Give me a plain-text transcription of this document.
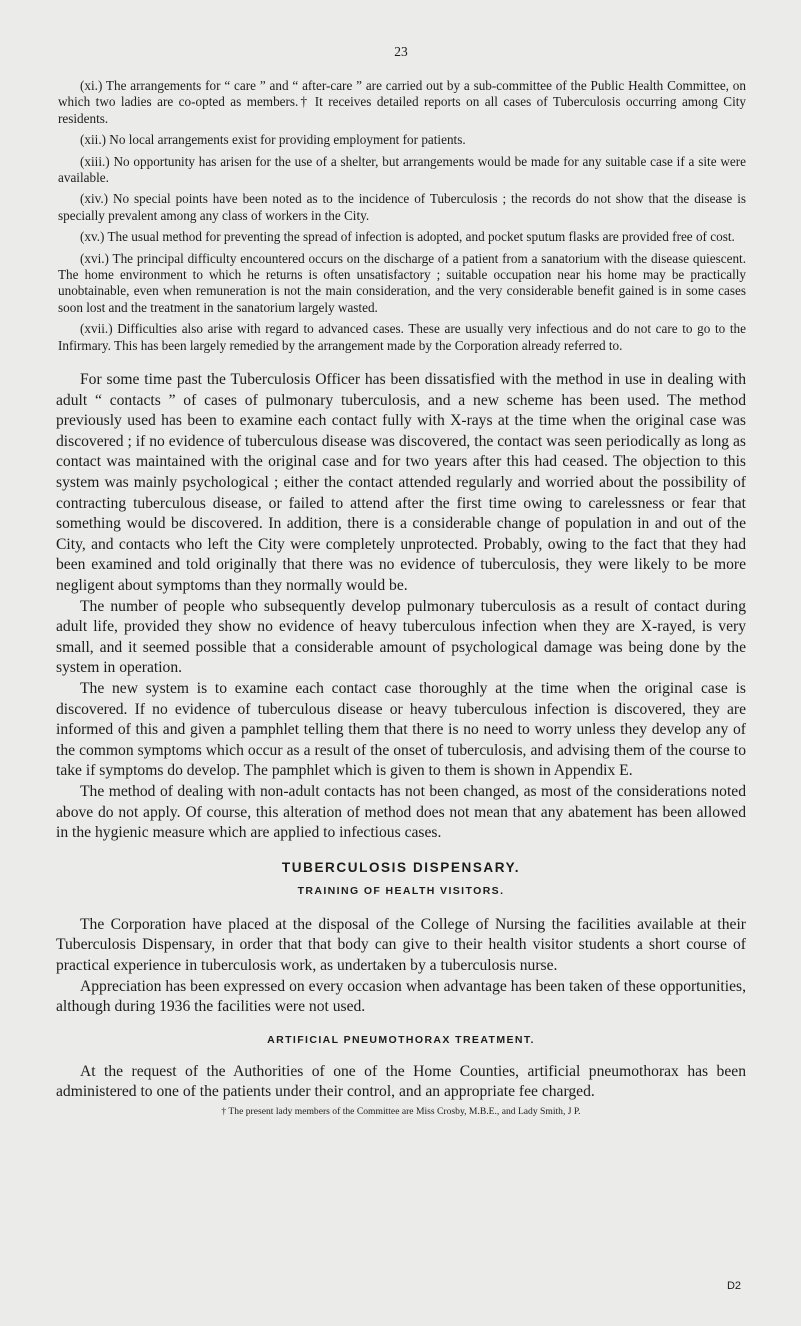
23

(xi.) The arrangements for “ care ” and “ after-care ” are carried out by a sub-committee of the Public Health Committee, on which two ladies are co-opted as members.† It receives detailed reports on all cases of Tuberculosis occurring among City residents.

(xii.) No local arrangements exist for providing employment for patients.

(xiii.) No opportunity has arisen for the use of a shelter, but arrangements would be made for any suitable case if a site were available.

(xiv.) No special points have been noted as to the incidence of Tuberculosis ; the records do not show that the disease is specially prevalent among any class of workers in the City.

(xv.) The usual method for preventing the spread of infection is adopted, and pocket sputum flasks are provided free of cost.

(xvi.) The principal difficulty encountered occurs on the discharge of a patient from a sanatorium with the disease quiescent. The home environment to which he returns is often unsatisfactory ; suitable occupation near his home may be practically unobtainable, even when remuneration is not the main consideration, and the very considerable benefit gained is in some cases soon lost and the treatment in the sanatorium largely wasted.

(xvii.) Difficulties also arise with regard to advanced cases. These are usually very infectious and do not care to go to the Infirmary. This has been largely remedied by the arrangement made by the Corporation already referred to.

For some time past the Tuberculosis Officer has been dissatisfied with the method in use in dealing with adult “ contacts ” of cases of pulmonary tuberculosis, and a new scheme has been used. The method previously used has been to examine each contact fully with X-rays at the time when the original case was discovered ; if no evidence of tuberculous disease was discovered, the contact was seen periodically as long as contact was maintained with the original case and for two years after this had ceased. The objection to this system was mainly psychological ; either the contact attended regularly and worried about the possibility of contracting tuberculous disease, or failed to attend after the first time owing to carelessness or fear that something would be discovered. In addition, there is a considerable change of population in and out of the City, and contacts who left the City were completely unprotected. Probably, owing to the fact that they had been examined and told originally that there was no evidence of tuberculosis, they were likely to be more negligent about symptoms than they normally would be.

The number of people who subsequently develop pulmonary tuberculosis as a result of contact during adult life, provided they show no evidence of heavy tuberculous infection when they are X-rayed, is very small, and it seemed possible that a considerable amount of psychological damage was being done by the system in operation.

The new system is to examine each contact case thoroughly at the time when the original case is discovered. If no evidence of tuberculous disease or heavy tuberculous infection is discovered, they are informed of this and given a pamphlet telling them that there is no need to worry unless they develop any of the common symptoms which occur as a result of the onset of tuberculosis, and advising them of the course to take if symptoms do develop. The pamphlet which is given to them is shown in Appendix E.

The method of dealing with non-adult contacts has not been changed, as most of the considerations noted above do not apply. Of course, this alteration of method does not mean that any abatement has been allowed in the hygienic measure which are applied to infectious cases.

TUBERCULOSIS DISPENSARY.
TRAINING OF HEALTH VISITORS.

The Corporation have placed at the disposal of the College of Nursing the facilities available at their Tuberculosis Dispensary, in order that that body can give to their health visitor students a short course of practical experience in tuberculosis work, as undertaken by a tuberculosis nurse.

Appreciation has been expressed on every occasion when advantage has been taken of these opportunities, although during 1936 the facilities were not used.

ARTIFICIAL PNEUMOTHORAX TREATMENT.

At the request of the Authorities of one of the Home Counties, artificial pneumothorax has been administered to one of the patients under their control, and an appropriate fee charged.

† The present lady members of the Committee are Miss Crosby, M.B.E., and Lady Smith, J P.
D2
